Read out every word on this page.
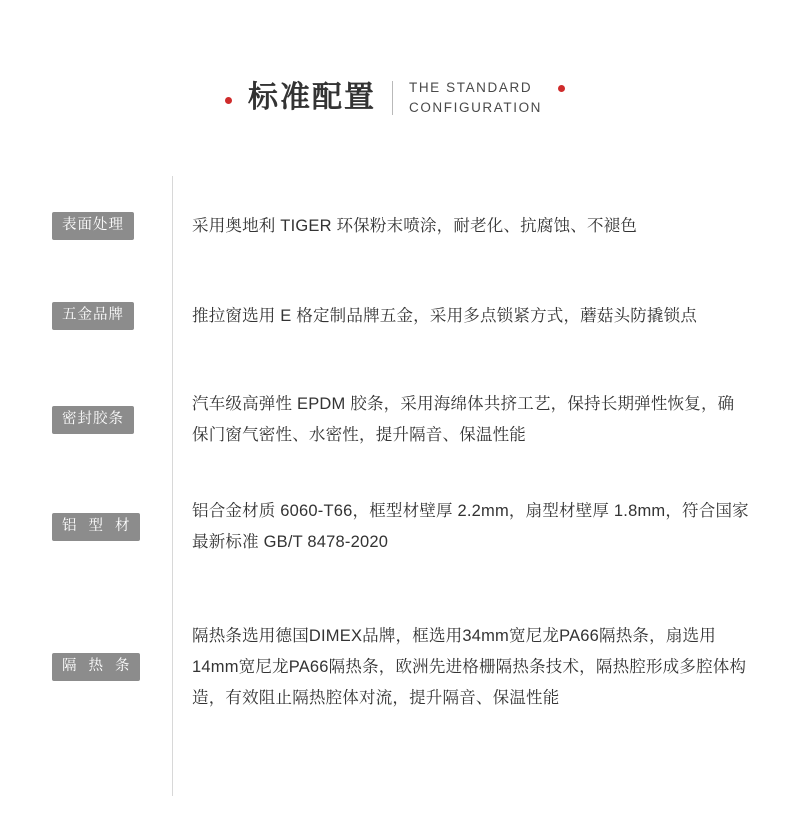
标准配置 THE STANDARD
CONFIGURATION
表面处理	采用奥地利 TIGER 环保粉末喷涂，耐老化、抗腐蚀、不褪色

五金品牌	推拉窗选用 E 格定制品牌五金，采用多点锁紧方式，蘑菇头防撬锁点

密封胶条

汽车级高弹性 EPDM 胶条，采用海绵体共挤工艺，保持长期弹性恢复，确保门窗气密性、水密性，提升隔音、保温性能

铝 型 材

铝合金材质 6060-T66，框型材壁厚 2.2mm，扇型材壁厚 1.8mm，符合国家最新标准 GB/T 8478-2020

隔 热 条

隔热条选用德国DIMEX品牌，框选用34mm宽尼龙PA66隔热条，扇选用14mm宽尼龙PA66隔热条，欧洲先进格栅隔热条技术，隔热腔形成多腔体构造，有效阻止隔热腔体对流，提升隔音、保温性能
